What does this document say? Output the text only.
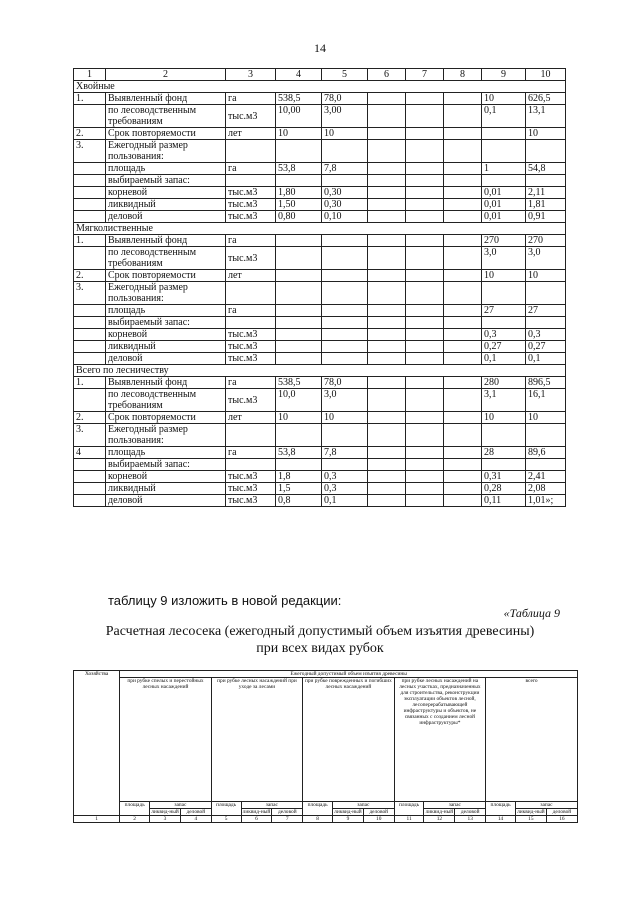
14
1	2	3	4	5	6	7	8	9	10
Хвойные									
1.	Выявленный фонд	га	538,5	78,0				10	626,5
	по лесоводственным требованиям	тыс.м3	10,00	3,00				0,1	13,1
2.	Срок повторяемости	лет	10	10					10
3.	Ежегодный размер пользования:								
	площадь	га	53,8	7,8				1	54,8
	выбираемый запас:								
	корневой	тыс.м3	1,80	0,30				0,01	2,11
	ликвидный	тыс.м3	1,50	0,30				0,01	1,81
	деловой	тыс.м3	0,80	0,10				0,01	0,91
Мягколиственные									
1.	Выявленный фонд	га						270	270
	по лесоводственным требованиям	тыс.м3						3,0	3,0
2.	Срок повторяемости	лет						10	10
3.	Ежегодный размер пользования:								
	площадь	га						27	27
	выбираемый запас:								
	корневой	тыс.м3						0,3	0,3
	ликвидный	тыс.м3						0,27	0,27
	деловой	тыс.м3						0,1	0,1
Всего по лесничеству									
1.	Выявленный фонд	га	538,5	78,0				280	896,5
	по лесоводственным требованиям	тыс.м3	10,0	3,0				3,1	16,1
2.	Срок повторяемости	лет	10	10				10	10
3.	Ежегодный размер пользования:								
4	площадь	га	53,8	7,8				28	89,6
	выбираемый запас:								
	корневой	тыс.м3	1,8	0,3				0,31	2,41
	ликвидный	тыс.м3	1,5	0,3				0,28	2,08
	деловой	тыс.м3	0,8	0,1				0,11	1,01»;
таблицу 9 изложить в новой редакции:
«Таблица 9
Расчетная лесосека (ежегодный допустимый объем изъятия древесины)
при всех видах рубок
Хозяйства	Ежегодный допустимый объем изъятия древесины														
	при рубке спелых и перестойных лесных насаждений			при рубке лесных насаждений при уходе за лесами			при рубке поврежденных и погибших лесных насаждений			при рубке лесных насаждений на лесных участках, предназначенных для строительства, реконструкции эксплуатации объектов лесной, лесоперерабатывающей инфраструктуры и объектов, не связанных с созданием лесной инфраструктуры*			всего		
	площадь	запас		площадь	запас		площадь	запас		площадь	запас		площадь	запас	
		ликвид-ный	деловой		ликвид-ный	деловой		ликвид-ный	деловой		ликвид-ный	деловой		ликвид-ный	деловой
1	2	3	4	5	6	7	8	9	10	11	12	13	14	15	16
